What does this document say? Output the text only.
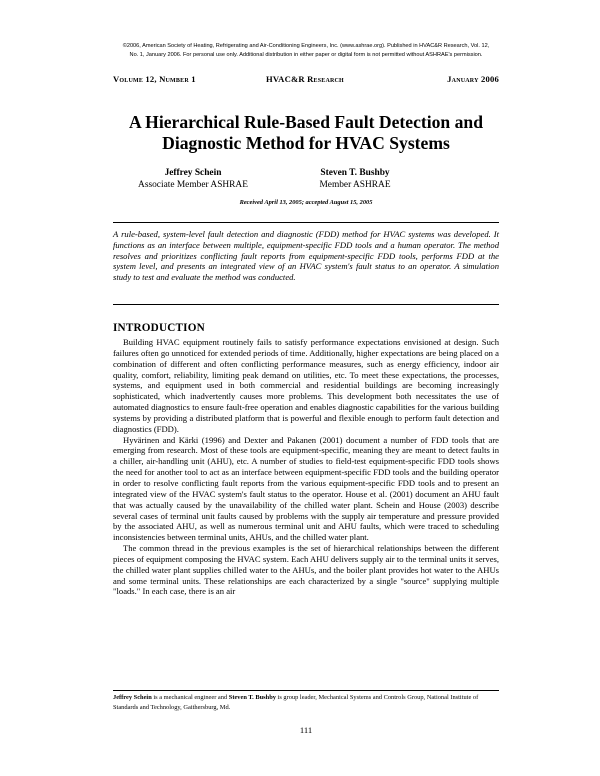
©2006, American Society of Heating, Refrigerating and Air-Conditioning Engineers, Inc. (www.ashrae.org). Published in HVAC&R Research, Vol. 12,
No. 1, January 2006. For personal use only. Additional distribution in either paper or digital form is not permitted without ASHRAE's permission.
Volume 12, Number 1	HVAC&R Research	January 2006
A Hierarchical Rule-Based Fault Detection and
Diagnostic Method for HVAC Systems
Jeffrey Schein
Associate Member ASHRAE
Steven T. Bushby
Member ASHRAE
Received April 13, 2005; accepted August 15, 2005
A rule-based, system-level fault detection and diagnostic (FDD) method for HVAC systems was developed. It functions as an interface between multiple, equipment-specific FDD tools and a human operator. The method resolves and prioritizes conflicting fault reports from equipment-specific FDD tools, performs FDD at the system level, and presents an integrated view of an HVAC system's fault status to an operator. A simulation study to test and evaluate the method was conducted.
INTRODUCTION

Building HVAC equipment routinely fails to satisfy performance expectations envisioned at design. Such failures often go unnoticed for extended periods of time. Additionally, higher expectations are being placed on a combination of different and often conflicting performance measures, such as energy efficiency, indoor air quality, comfort, reliability, limiting peak demand on utilities, etc. To meet these expectations, the processes, systems, and equipment used in both commercial and residential buildings are becoming increasingly sophisticated, which inadvertently causes more problems. This development both necessitates the use of automated diagnostics to ensure fault-free operation and enables diagnostic capabilities for the various building systems by providing a distributed platform that is powerful and flexible enough to perform fault detection and diagnostics (FDD).

Hyvärinen and Kärki (1996) and Dexter and Pakanen (2001) document a number of FDD tools that are emerging from research. Most of these tools are equipment-specific, meaning they are meant to detect faults in a chiller, air-handling unit (AHU), etc. A number of studies to field-test equipment-specific FDD tools shows the need for another tool to act as an interface between equipment-specific FDD tools and the building operator in order to resolve conflicting fault reports from the various equipment-specific FDD tools and to present an integrated view of the HVAC system's fault status to the operator. House et al. (2001) document an AHU fault that was actually caused by the unavailability of the chilled water plant. Schein and House (2003) describe several cases of terminal unit faults caused by problems with the supply air temperature and pressure provided by the associated AHU, as well as numerous terminal unit and AHU faults, which were traced to scheduling inconsistencies between terminal units, AHUs, and the chilled water plant.

The common thread in the previous examples is the set of hierarchical relationships between the different pieces of equipment composing the HVAC system. Each AHU delivers supply air to the terminal units it serves, the chilled water plant supplies chilled water to the AHUs, and the boiler plant provides hot water to the AHUs and some terminal units. These relationships are each characterized by a single "source" supplying multiple "loads." In each case, there is an air

Jeffrey Schein is a mechanical engineer and Steven T. Bushby is group leader, Mechanical Systems and Controls Group, National Institute of Standards and Technology, Gaithersburg, Md.
111
